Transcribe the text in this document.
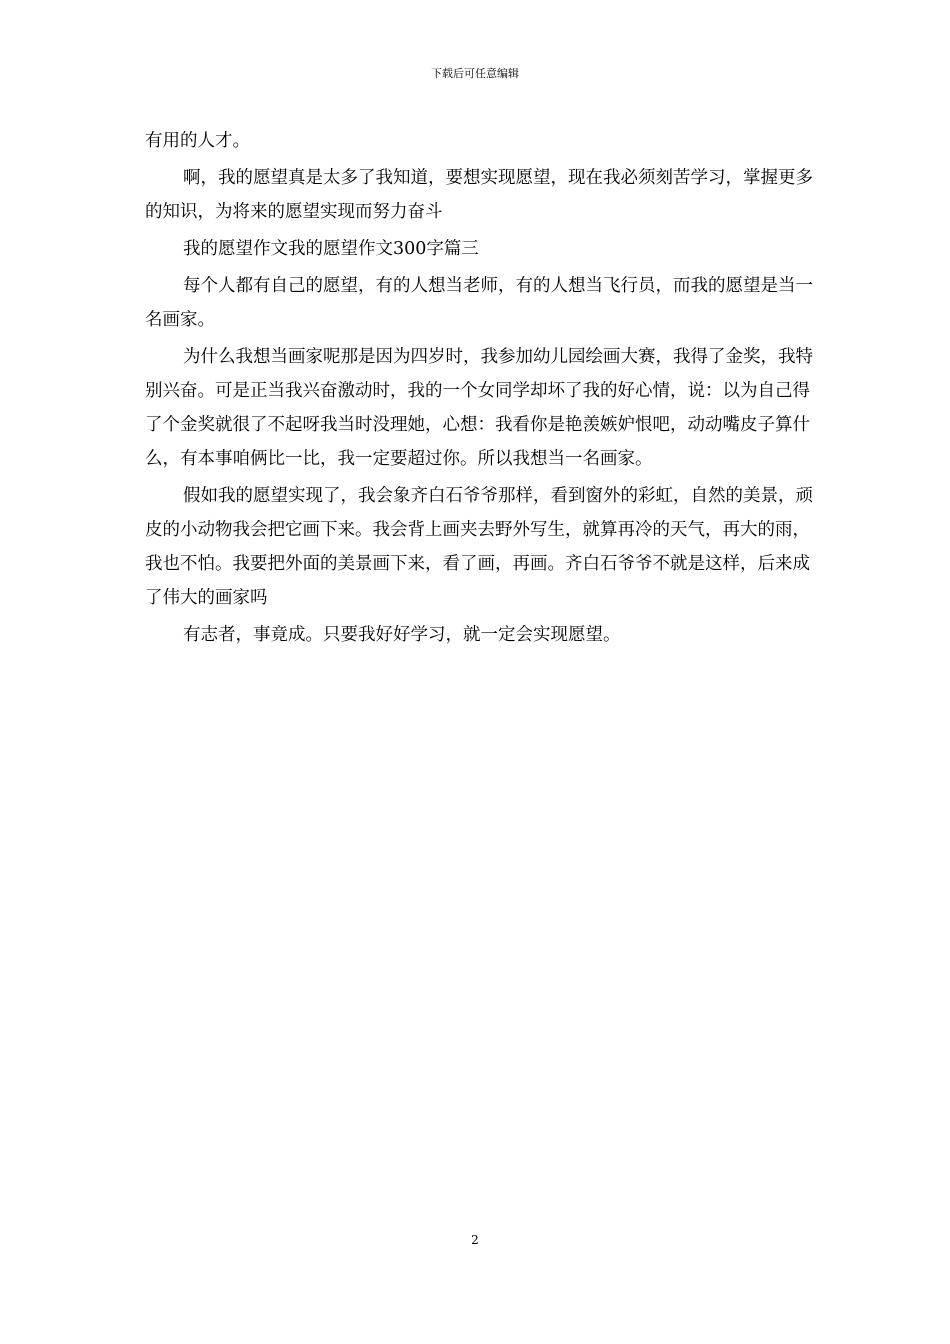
下载后可任意编辑

有用的人才。

啊，我的愿望真是太多了我知道，要想实现愿望，现在我必须刻苦学习，掌握更多的知识，为将来的愿望实现而努力奋斗

我的愿望作文我的愿望作文300字篇三

每个人都有自己的愿望，有的人想当老师，有的人想当飞行员，而我的愿望是当一名画家。

为什么我想当画家呢那是因为四岁时，我参加幼儿园绘画大赛，我得了金奖，我特别兴奋。可是正当我兴奋激动时，我的一个女同学却坏了我的好心情，说：以为自己得了个金奖就很了不起呀我当时没理她，心想：我看你是艳羡嫉妒恨吧，动动嘴皮子算什么，有本事咱俩比一比，我一定要超过你。所以我想当一名画家。

假如我的愿望实现了，我会象齐白石爷爷那样，看到窗外的彩虹，自然的美景，顽皮的小动物我会把它画下来。我会背上画夹去野外写生，就算再冷的天气，再大的雨，我也不怕。我要把外面的美景画下来，看了画，再画。齐白石爷爷不就是这样，后来成了伟大的画家吗

有志者，事竟成。只要我好好学习，就一定会实现愿望。

2
